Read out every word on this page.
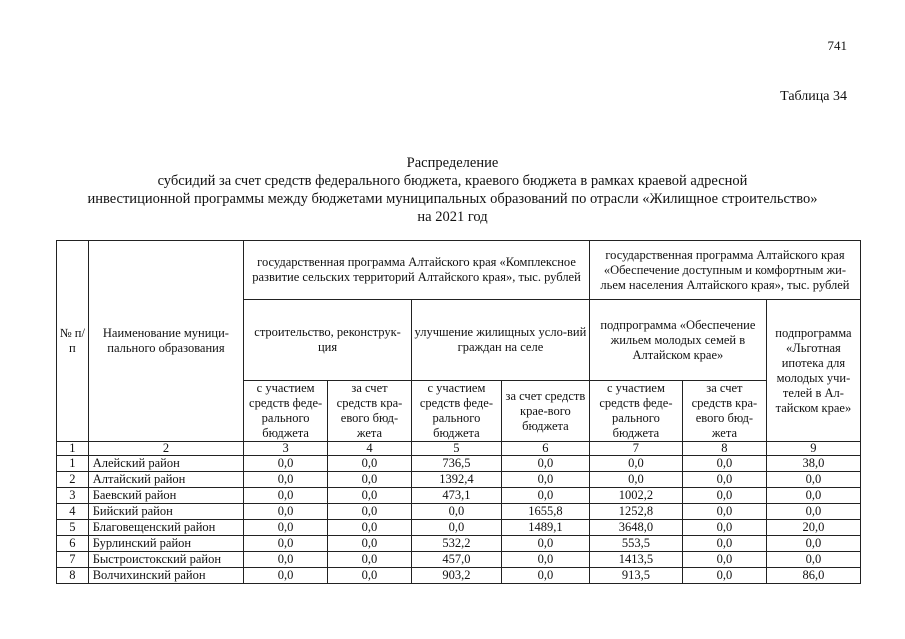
741
Таблица 34
Распределение
субсидий за счет средств федерального бюджета, краевого бюджета в рамках краевой адресной
инвестиционной программы между бюджетами муниципальных образований по отрасли «Жилищное строительство»
на 2021 год
№ п/п	Наименование муници-пального образования	государственная программа Алтайского края «Комплексное развитие сельских территорий Алтайского края», тыс. рублей				государственная программа Алтайского края «Обеспечение доступным и комфортным жи-льем населения Алтайского края», тыс. рублей		
						подпрограмма «Обеспечение жильем молодых семей в Алтайском крае»		подпрограмма «Льготная ипотека для молодых учи-телей в Ал-тайском крае»
		строительство, реконструк-ция		улучшение жилищных усло-вий граждан на селе				
		с участием средств феде-рального бюджета	за счет средств кра-евого бюд-жета	с участием средств феде-рального бюджета	за счет средств крае-вого бюджета	с участием средств феде-рального бюджета	за счет средств кра-евого бюд-жета	
1	2	3	4	5	6	7	8	9
1	Алейский район	0,0	0,0	736,5	0,0	0,0	0,0	38,0
2	Алтайский район	0,0	0,0	1392,4	0,0	0,0	0,0	0,0
3	Баевский район	0,0	0,0	473,1	0,0	1002,2	0,0	0,0
4	Бийский район	0,0	0,0	0,0	1655,8	1252,8	0,0	0,0
5	Благовещенский район	0,0	0,0	0,0	1489,1	3648,0	0,0	20,0
6	Бурлинский район	0,0	0,0	532,2	0,0	553,5	0,0	0,0
7	Быстроистокский район	0,0	0,0	457,0	0,0	1413,5	0,0	0,0
8	Волчихинский район	0,0	0,0	903,2	0,0	913,5	0,0	86,0
